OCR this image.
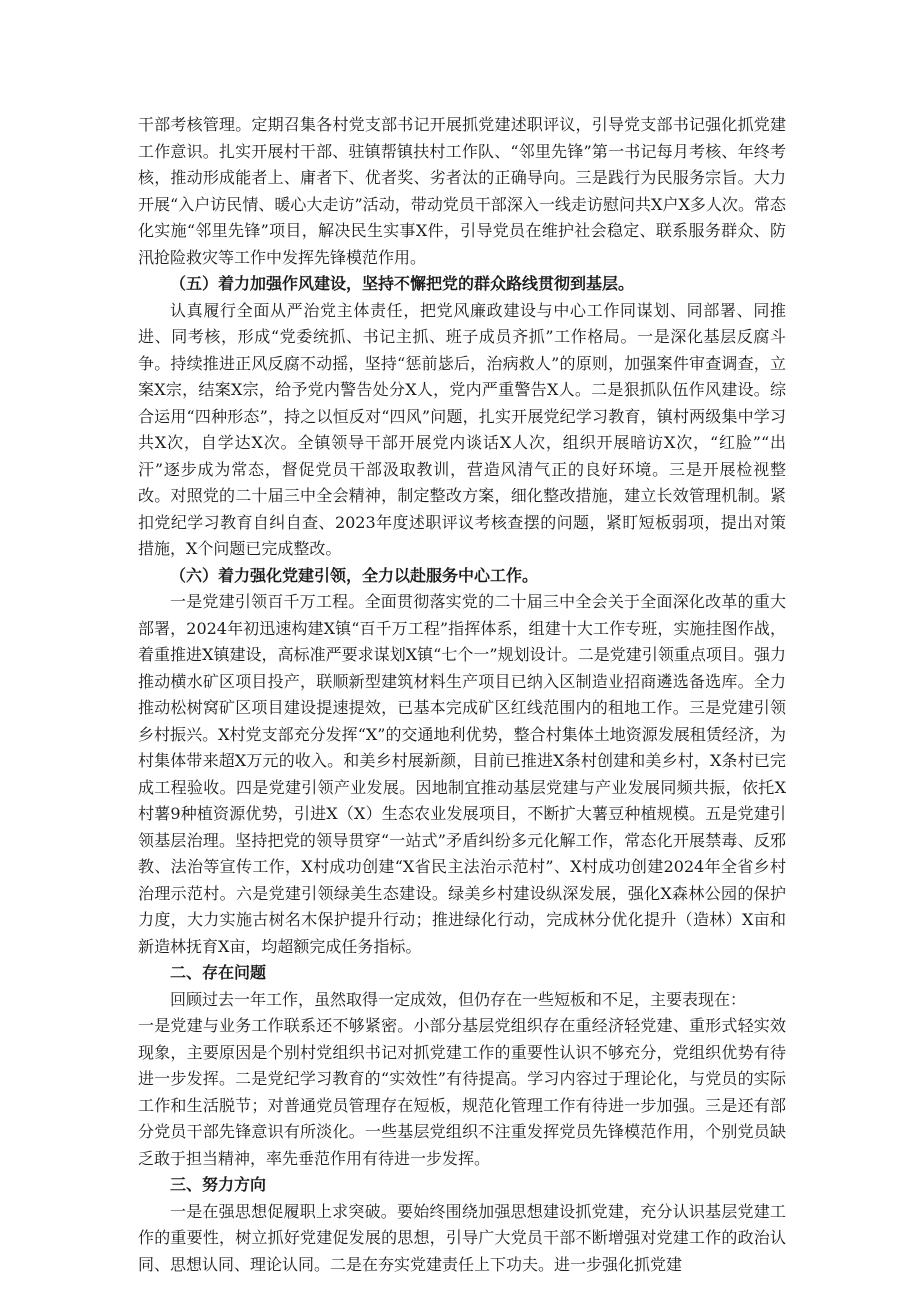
干部考核管理。定期召集各村党支部书记开展抓党建述职评议，引导党支部书记强化抓党建工作意识。扎实开展村干部、驻镇帮镇扶村工作队、“邻里先锋”第一书记每月考核、年终考核，推动形成能者上、庸者下、优者奖、劣者汰的正确导向。三是践行为民服务宗旨。大力开展“入户访民情、暖心大走访”活动，带动党员干部深入一线走访慰问共X户X多人次。常态化实施“邻里先锋”项目，解决民生实事X件，引导党员在维护社会稳定、联系服务群众、防汛抢险救灾等工作中发挥先锋模范作用。

（五）着力加强作风建设，坚持不懈把党的群众路线贯彻到基层。

认真履行全面从严治党主体责任，把党风廉政建设与中心工作同谋划、同部署、同推进、同考核，形成“党委统抓、书记主抓、班子成员齐抓”工作格局。一是深化基层反腐斗争。持续推进正风反腐不动摇，坚持“惩前毖后，治病救人”的原则，加强案件审查调查，立案X宗，结案X宗，给予党内警告处分X人，党内严重警告X人。二是狠抓队伍作风建设。综合运用“四种形态”，持之以恒反对“四风”问题，扎实开展党纪学习教育，镇村两级集中学习共X次，自学达X次。全镇领导干部开展党内谈话X人次，组织开展暗访X次，“红脸”“出汗”逐步成为常态，督促党员干部汲取教训，营造风清气正的良好环境。三是开展检视整改。对照党的二十届三中全会精神，制定整改方案，细化整改措施，建立长效管理机制。紧扣党纪学习教育自纠自查、2023年度述职评议考核查摆的问题，紧盯短板弱项，提出对策措施，X个问题已完成整改。

（六）着力强化党建引领，全力以赴服务中心工作。

一是党建引领百千万工程。全面贯彻落实党的二十届三中全会关于全面深化改革的重大部署，2024年初迅速构建X镇“百千万工程”指挥体系，组建十大工作专班，实施挂图作战，着重推进X镇建设，高标准严要求谋划X镇“七个一”规划设计。二是党建引领重点项目。强力推动横水矿区项目投产，联顺新型建筑材料生产项目已纳入区制造业招商遴选备选库。全力推动松树窝矿区项目建设提速提效，已基本完成矿区红线范围内的租地工作。三是党建引领乡村振兴。X村党支部充分发挥“X”的交通地利优势，整合村集体土地资源发展租赁经济，为村集体带来超X万元的收入。和美乡村展新颜，目前已推进X条村创建和美乡村，X条村已完成工程验收。四是党建引领产业发展。因地制宜推动基层党建与产业发展同频共振，依托X村薯9种植资源优势，引进X（X）生态农业发展项目，不断扩大薯豆种植规模。五是党建引领基层治理。坚持把党的领导贯穿“一站式”矛盾纠纷多元化解工作，常态化开展禁毒、反邪教、法治等宣传工作，X村成功创建“X省民主法治示范村”、X村成功创建2024年全省乡村治理示范村。六是党建引领绿美生态建设。绿美乡村建设纵深发展，强化X森林公园的保护力度，大力实施古树名木保护提升行动；推进绿化行动，完成林分优化提升（造林）X亩和新造林抚育X亩，均超额完成任务指标。

二、存在问题

回顾过去一年工作，虽然取得一定成效，但仍存在一些短板和不足，主要表现在：

一是党建与业务工作联系还不够紧密。小部分基层党组织存在重经济轻党建、重形式轻实效现象，主要原因是个别村党组织书记对抓党建工作的重要性认识不够充分，党组织优势有待进一步发挥。二是党纪学习教育的“实效性”有待提高。学习内容过于理论化，与党员的实际工作和生活脱节；对普通党员管理存在短板，规范化管理工作有待进一步加强。三是还有部分党员干部先锋意识有所淡化。一些基层党组织不注重发挥党员先锋模范作用，个别党员缺乏敢于担当精神，率先垂范作用有待进一步发挥。

三、努力方向

一是在强思想促履职上求突破。要始终围绕加强思想建设抓党建，充分认识基层党建工作的重要性，树立抓好党建促发展的思想，引导广大党员干部不断增强对党建工作的政治认同、思想认同、理论认同。二是在夯实党建责任上下功夫。进一步强化抓党建
